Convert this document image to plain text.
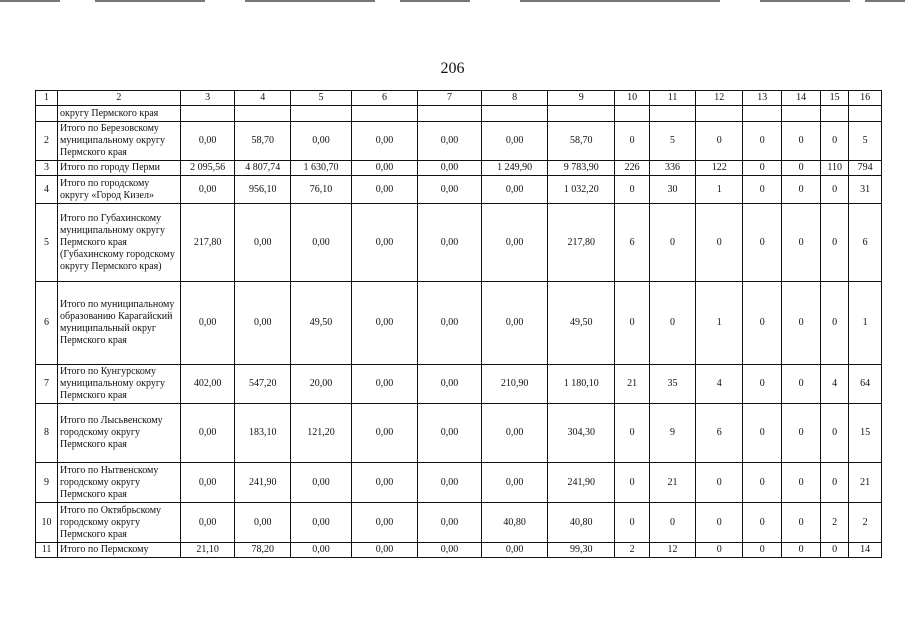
206
1	2	3	4	5	6	7	8	9	10	11	12	13	14	15	16
	округу Пермского края														
2	Итого по Березовскому муниципальному округу Пермского края	0,00	58,70	0,00	0,00	0,00	0,00	58,70	0	5	0	0	0	0	5
3	Итого по городу Перми	2 095,56	4 807,74	1 630,70	0,00	0,00	1 249,90	9 783,90	226	336	122	0	0	110	794
4	Итого по городскому округу «Город Кизел»	0,00	956,10	76,10	0,00	0,00	0,00	1 032,20	0	30	1	0	0	0	31
5	Итого по Губахинскому муниципальному округу Пермского края (Губахинскому городскому округу Пермского края)	217,80	0,00	0,00	0,00	0,00	0,00	217,80	6	0	0	0	0	0	6
6	Итого по муниципальному образованию Карагайский муниципальный округ Пермского края	0,00	0,00	49,50	0,00	0,00	0,00	49,50	0	0	1	0	0	0	1
7	Итого по Кунгурскому муниципальному округу Пермского края	402,00	547,20	20,00	0,00	0,00	210,90	1 180,10	21	35	4	0	0	4	64
8	Итого по Лысьвенскому городскому округу Пермского края	0,00	183,10	121,20	0,00	0,00	0,00	304,30	0	9	6	0	0	0	15
9	Итого по Нытвенскому городскому округу Пермского края	0,00	241,90	0,00	0,00	0,00	0,00	241,90	0	21	0	0	0	0	21
10	Итого по Октябрьскому городскому округу Пермского края	0,00	0,00	0,00	0,00	0,00	40,80	40,80	0	0	0	0	0	2	2
11	Итого по Пермскому	21,10	78,20	0,00	0,00	0,00	0,00	99,30	2	12	0	0	0	0	14
